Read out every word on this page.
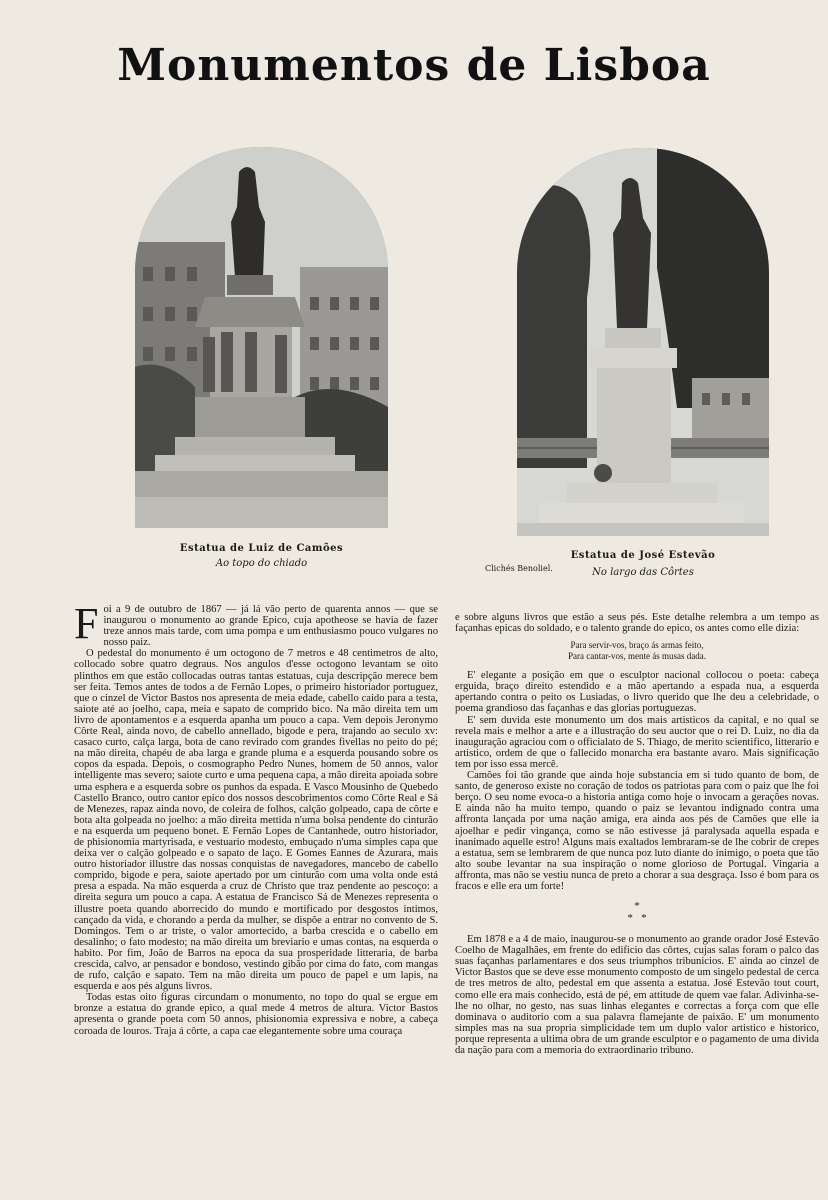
Monumentos de Lisboa
Estatua de Luiz de Camões
Ao topo do chiado	Clichés Benoliel.
Estatua de José Estevão
No largo das Côrtes

Foi a 9 de outubro de 1867 — já lá vão perto de quarenta annos — que se inaugurou o monumento ao grande Epico, cuja apotheose se havia de fazer treze annos mais tarde, com uma pompa e um enthusiasmo pouco vulgares no nosso paiz.

O pedestal do monumento é um octogono de 7 metros e 48 centimetros de alto, collocado sobre quatro degraus. Nos angulos d'esse octogono levantam se oito plinthos em que estão collocadas outras tantas estatuas, cuja descripção merece bem ser feita. Temos antes de todos a de Fernão Lopes, o primeiro historiador portuguez, que o cinzel de Victor Bastos nos apresenta de meia edade, cabello caido para a testa, saiote até ao joelho, capa, meia e sapato de comprido bico. Na mão direita tem um livro de apontamentos e a esquerda apanha um pouco a capa. Vem depois Jeronymo Côrte Real, ainda novo, de cabello annellado, bigode e pera, trajando ao seculo xv: casaco curto, calça larga, bota de cano revirado com grandes fivellas no peito do pé; na mão direita, chapéu de aba larga e grande pluma e a esquerda pousando sobre os copos da espada. Depois, o cosmographo Pedro Nunes, homem de 50 annos, valor intelligente mas severo; saiote curto e uma pequena capa, a mão direita apoiada sobre uma esphera e a esquerda sobre os punhos da espada. E Vasco Mousinho de Quebedo Castello Branco, outro cantor epico dos nossos descobrimentos como Côrte Real e Sá de Menezes, rapaz ainda novo, de coleira de folhos, calção golpeado, capa de côrte e bota alta golpeada no joelho: a mão direita mettida n'uma bolsa pendente do cinturão e na esquerda um pequeno bonet. E Fernão Lopes de Cantanhede, outro historiador, de phisionomia martyrisada, e vestuario modesto, embuçado n'uma simples capa que deixa ver o calção golpeado e o sapato de laço. E Gomes Eannes de Azurara, mais outro historiador illustre das nossas conquistas de navegadores, mancebo de cabello comprido, bigode e pera, saiote apertado por um cinturão com uma volta onde está presa a espada. Na mão esquerda a cruz de Christo que traz pendente ao pescoço: a direita segura um pouco a capa. A estatua de Francisco Sá de Menezes representa o illustre poeta quando aborrecido do mundo e mortificado por desgostos intimos, cançado da vida, e chorando a perda da mulher, se dispõe a entrar no convento de S. Domingos. Tem o ar triste, o valor amortecido, a barba crescida e o cabello em desalinho; o fato modesto; na mão direita um breviario e umas contas, na esquerda o habito. Por fim, João de Barros na epoca da sua prosperidade litteraria, de barba crescida, calvo, ar pensador e bondoso, vestindo gibão por cima do fato, com mangas de rufo, calção e sapato. Tem na mão direita um pouco de papel e um lapis, na esquerda e aos pés alguns livros.

Todas estas oito figuras circundam o monumento, no topo do qual se ergue em bronze a estatua do grande epico, a qual mede 4 metros de altura. Victor Bastos apresenta o grande poeta com 50 annos, phisionomia expressiva e nobre, a cabeça coroada de louros. Traja á côrte, a capa cae elegantemente sobre uma couraça

e sobre alguns livros que estão a seus pés. Este detalhe relembra a um tempo as façanhas epicas do soldado, e o talento grande do epico, os antes como elle dizia:

Para servir-vos, braço ás armas feito,
Para cantar-vos, mente ás musas dada.

E' elegante a posição em que o esculptor nacional collocou o poeta: cabeça erguida, braço direito estendido e a mão apertando a espada nua, a esquerda apertando contra o peito os Lusiadas, o livro querido que lhe deu a celebridade, o poema grandioso das façanhas e das glorias portuguezas.

E' sem duvida este monumento um dos mais artisticos da capital, e no qual se revela mais e melhor a arte e a illustração do seu auctor que o rei D. Luiz, no dia da inauguração agraciou com o officialato de S. Thiago, de merito scientifico, litterario e artistico, ordem de que o fallecido monarcha era bastante avaro. Mais significação tem por isso essa mercê.

Camões foi tão grande que ainda hoje substancia em si tudo quanto de bom, de santo, de generoso existe no coração de todos os patriotas para com o paiz que lhe foi berço. O seu nome evoca-o a historia antiga como hoje o invocam a gerações novas. E ainda não ha muito tempo, quando o paiz se levantou indignado contra uma affronta lançada por uma nação amiga, era ainda aos pés de Camões que elle ia ajoelhar e pedir vingança, como se não estivesse já paralysada aquella espada e inanimado aquelle estro! Alguns mais exaltados lembraram-se de lhe cobrir de crepes a estatua, sem se lembrarem de que nunca poz luto diante do inimigo, o poeta que tão alto soube levantar na sua inspiração o nome glorioso de Portugal. Vingaria a affronta, mas não se vestiu nunca de preto a chorar a sua desgraça. Isso é bom para os fracos e elle era um forte!

*
*   *

Em 1878 e a 4 de maio, inaugurou-se o monumento ao grande orador José Estevão Coelho de Magalhães, em frente do edificio das côrtes, cujas salas foram o palco das suas façanhas parlamentares e dos seus triumphos tribunicios. E' ainda ao cinzel de Victor Bastos que se deve esse monumento composto de um singelo pedestal de cerca de tres metros de alto, pedestal em que assenta a estatua. José Estevão tout court, como elle era mais conhecido, está de pé, em attitude de quem vae falar. Adivinha-se-lhe no olhar, no gesto, nas suas linhas elegantes e correctas a força com que elle dominava o auditorio com a sua palavra flamejante de paixão. E' um monumento simples mas na sua propria simplicidade tem um duplo valor artistico e historico, porque representa a ultima obra de um grande esculptor e o pagamento de uma divida da nação para com a memoria do extraordinario tribuno.
